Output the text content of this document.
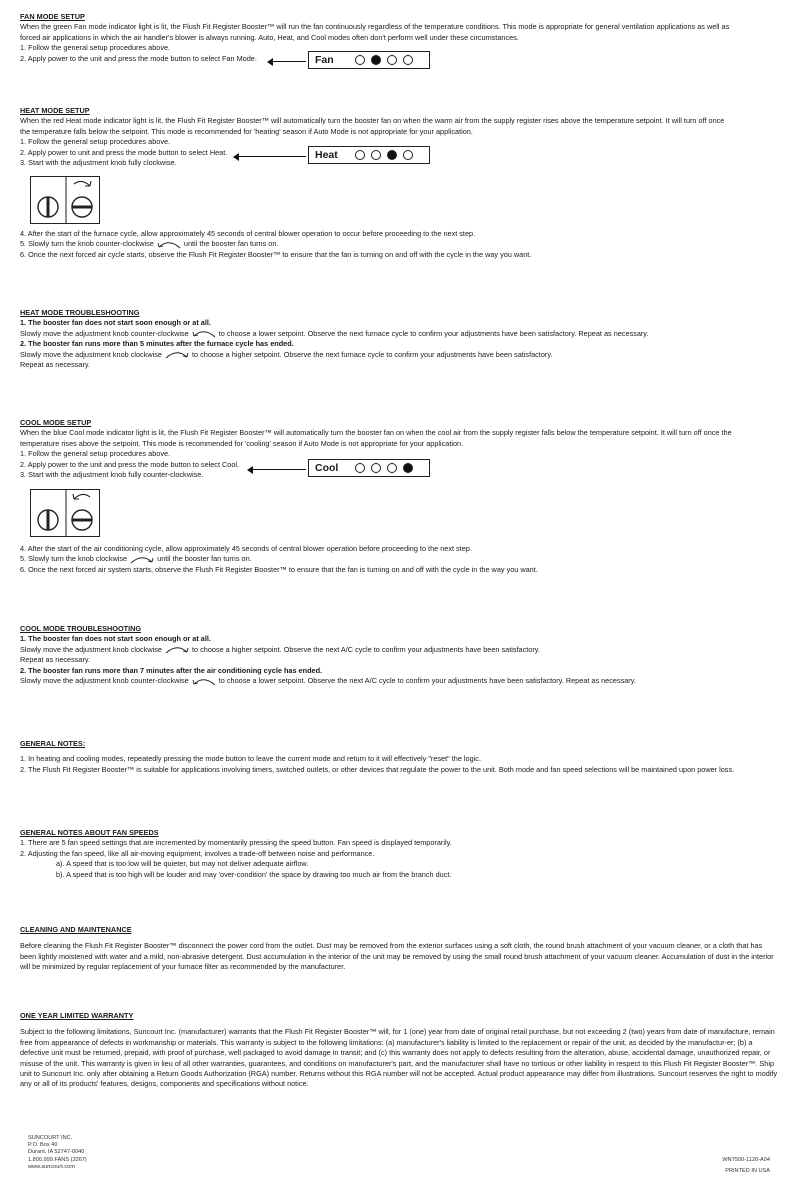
FAN MODE SETUP
When the green Fan mode indicator light is lit, the Flush Fit Register Booster™ will run the fan continuously regardless of the temperature conditions. This mode is appropriate for general ventilation applications as well as
forced air applications in which the air handler's blower is always running. Auto, Heat, and Cool modes often don't perform well under these circumstances.
1. Follow the general setup procedures above.
2. Apply power to the unit and press the mode button to select Fan Mode.	Fan
HEAT MODE SETUP
When the red Heat mode indicator light is lit, the Flush Fit Register Booster™ will automatically turn the booster fan on when the warm air from the supply register rises above the temperature setpoint. It will turn off once
the temperature falls below the setpoint. This mode is recommended for 'heating' season if Auto Mode is not appropriate for your application.
1. Follow the general setup procedures above.
2. Apply power to unit and press the mode button to select Heat.
3. Start with the adjustment knob fully clockwise.
Heat
4. After the start of the furnace cycle, allow approximately 45 seconds of central blower operation to occur before proceeding to the next step.
5. Slowly turn the knob counter-clockwise	until the booster fan turns on.
6. Once the next forced air cycle starts, observe the Flush Fit Register Booster™ to ensure that the fan is turning on and off with the cycle in the way you want.
HEAT MODE TROUBLESHOOTING
1. The booster fan does not start soon enough or at all.
Slowly move the adjustment knob counter-clockwise	to choose a lower setpoint. Observe the next furnace cycle to confirm your adjustments have been satisfactory. Repeat as necessary.
2. The booster fan runs more than 5 minutes after the furnace cycle has ended.
Slowly move the adjustment knob clockwise	to choose a higher setpoint. Observe the next furnace cycle to confirm your adjustments have been satisfactory.
Repeat as necessary.
COOL MODE SETUP
When the blue Cool mode indicator light is lit, the Flush Fit Register Booster™ will automatically turn the booster fan on when the cool air from the supply register falls below the temperature setpoint. It will turn off once the
temperature rises above the setpoint. This mode is recommended for 'cooling' season if Auto Mode is not appropriate for your application.
1. Follow the general setup procedures above.
2. Apply power to the unit and press the mode button to select Cool.
3. Start with the adjustment knob fully counter-clockwise.
Cool
4. After the start of the air conditioning cycle, allow approximately 45 seconds of central blower operation before proceeding to the next step.
5. Slowly turn the knob clockwise	until the booster fan turns on.
6. Once the next forced air system starts, observe the Flush Fit Register Booster™ to ensure that the fan is turning on and off with the cycle in the way you want.
COOL MODE TROUBLESHOOTING
1. The booster fan does not start soon enough or at all.
Slowly move the adjustment knob clockwise	to choose a higher setpoint. Observe the next A/C cycle to confirm your adjustments have been satisfactory.
Repeat as necessary.
2. The booster fan runs more than 7 minutes after the air conditioning cycle has ended.
Slowly move the adjustment knob counter-clockwise	to choose a lower setpoint. Observe the next A/C cycle to confirm your adjustments have been satisfactory. Repeat as necessary.
GENERAL NOTES:
1. In heating and cooling modes, repeatedly pressing the mode button to leave the current mode and return to it will effectively "reset" the logic.
2. The Flush Fit Register Booster™ is suitable for applications involving timers, switched outlets, or other devices that regulate the power to the unit. Both mode and fan speed selections will be maintained upon power loss.
GENERAL NOTES ABOUT FAN SPEEDS
1. There are 5 fan speed settings that are incremented by momentarily pressing the speed button. Fan speed is displayed temporarily.
2. Adjusting the fan speed, like all air-moving equipment, involves a trade-off between noise and performance.
a). A speed that is too low will be quieter, but may not deliver adequate airflow.
b). A speed that is too high will be louder and may 'over-condition' the space by drawing too much air from the branch duct.
CLEANING AND MAINTENANCE

Before cleaning the Flush Fit Register Booster™ disconnect the power cord from the outlet. Dust may be removed from the exterior surfaces using a soft cloth, the round brush attachment of your vacuum cleaner, or a cloth that has been lightly moistened with water and a mild, non-abrasive detergent. Dust accumulation in the interior of the unit may be removed by using the small round brush attachment of your vacuum cleaner. Accumulation of dust in the interior will be minimized by regular replacement of your furnace filter as recommended by the manufacturer.

ONE YEAR LIMITED WARRANTY

Subject to the following limitations, Suncourt Inc. (manufacturer) warrants that the Flush Fit Register Booster™ will, for 1 (one) year from date of original retail purchase, but not exceeding 2 (two) years from date of manufacture, remain free from appearance of defects in workmanship or materials. This warranty is subject to the following limitations: (a) manufacturer's liability is limited to the replacement or repair of the unit, as decided by the manufactur-er; (b) a defective unit must be returned, prepaid, with proof of purchase, well packaged to avoid damage in transit; and (c) this warranty does not apply to defects resulting from the alteration, abuse, accidental damage, unauthorized repair, or misuse of the unit. This warranty is given in lieu of all other warranties, guarantees, and conditions on manufacturer's part, and the manufacturer shall have no tortious or other liability in respect to this Flush Fit Register Booster™. Ship unit to Suncourt Inc. only after obtaining a Return Goods Authorization (RGA) number. Returns without this RGA number will not be accepted. Actual product appearance may differ from illustrations. Suncourt reserves the right to modify any or all of its products' features, designs, components and specifications without notice.

SUNCOURT INC.
P.O. Box 40
Durant, IA 52747-0040
1.800.999.FANS (3267)
www.suncourt.com
WNT500-1120-A04
PRINTED IN USA
